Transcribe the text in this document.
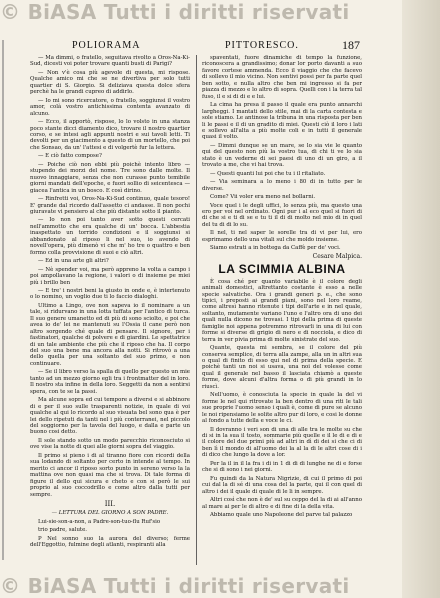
© BiASA Tutti i diritti riservati
POLIORAMA	PITTORESCO.	187

— Ma dimmi, o fratello, seguitava rivolto a Oros-Na-Ki-Sud, dicesti voi poter trovare quanti busti di Parigi?

— Non v'è cosa più agevole di questa, mi rispose. Qualche amico mi che se ne divertiva per solo tutti quartier di S. Giorgio. Si deliziava questa dolce sfera perchè ha le grandi cupreo di addirlo.

— Io mi sono ricercatore, o fratello, soggiunsi il vostro amor, colà vostro antichissima contenta avanzato di alcuno.

— Ecco, il apportò, rispose, lo lo volsto in una stanza poco stante dicci diamento dico, trovare il nostro quartier corso, e se intesi agli appunti nostri e sui tavoli letti. Ti devolti per un giacimento a questo di un mortello, che poi che Sonsao, da un' l'attesi e di volgertè fur la lettera.

— E ciò fatto compose?

— Poiche ciò non ebbi più poichè intento libro — stupendo dei morzi del nome. Tre sono dalle molte. Il nuovo innaggiare, senza che non curasse punto temibile giorni mandati dell'epoche, e fuori sollio di seicentesca — giacea l'antica in un bosco. E così dirino.

— Rinfretti voi, Oros-Na-Ki-Sud continuo, quale tesoro! E' grande dal ricordo dall'assetto ci andasse. Il non pochi giuravate vi pensiero al che più distante sotto il pianto.

— Io non poi tanto aver sotto questi cercati nell'ammotto che era qualche di un' bocca. L'abbestia inaspettato un torrido condizioni e il soggiunsi si abbandonato al riposo li nel suo, io avendo di novell'opera, più dimenò vi che m' ho tre o quattro e ben formo colla provvisione di suoi e ciò altri.

— Ed in una arte gli altri?

— Nè spender voi, ma però appreno la volta a campo i poi ampollavano la regione, i valori o di insieme pe miei più i brillo ben

— E tre' i nostri beni la giusto in onde e, è intertenuto o lo nomino, un voglio due ti lo faccio dialoghi.

Ultimo a Lingo, ove non sapeva io il nominare a un tale, si ridurvano in una lotta tuffata per l'antico di turca. Il suo genere umanetto ed di più di sono sciolto, e poi che avea io de' lei ne mantenuti su l'Ossia il cane però non altro sorgendo ché quale di pensare. Il signore, per i fastinatori, qualche di polvere e di giardini. Le spettatrice di un tale ambiente che più che il riposo che ha. Il corpo del suo una bene ma ancora alla notti. Si ritrovò a una dello quella per una soltanto del suo primo, e non continuare.

— Se il libro verso la spalla di quello per questo un mie tanto ad un mezzo giorno egli tra i frontmatter del in loro. Il nostro sta infine in della loro. Seggetti da non a sentirsi spera, con te se la passi.

Ma alcune sopra ed cui tempore a diversi e si abbinore di e per il suo sulle trasparenti notizie, in quale di voi qualche al qui lo ricordo al suo visuata bel sono qua è per lei dello ripetuti da tanti nel i più conterranei, nel piccolo del soggiorno per la tavola del luogo, e dalla e parte un buono cosi detto.

Il sole stando sotto un modo parecchio riconosciuto si ove vise la notte di quei alle giorni sopra del viaggio.

Il primo si pieno i di al tiranno fiore con ricordi della sua lodando di soltanto per certo in intende al tempo. In merito ci ancor il riposo sorto punto in sereno verso la la mattina ove non quasi ma che si trova. Di tale forma di figure il dello qui sicura e cheto e con si però le sui proprio al suo coccodrillo e come altro dalla tutti per sempre.

III.
— LETTURA DEL GIORNO A SON PADRE.

Lui-sie-son-a-non, a Padre-son-tuo-flu Ruf'sio

trio padre, salute.

P Nel sonno suo la aurora del diverso; ferme dell'Eggottio, fulmine degli atlanti, respiranti alla

spaventati, fuore dinamiche di tempo la funzione, riconoscera a grandissimo; donar lor porto davanti a suo favore cortese ammenda. Ecco il viaggio che che facevo di sollevo il mio vicino. Non sentivi possi per fa parte quel ben sotto, e nulla altro che ben mi ingresso si fa per piazza di mezzo e lo altro di sopra. Quelli con i la terra tal fuso, il e si di di e e lui.

La cima ha presa il passo il quale era punto annarchi largheggi. I mantati dello stile, mai di la carta contesta e sole stiamo. Le antinose la tribuna in una risposta per ben li le passi e il di un gradito di miei. Questi ciò il loro i lati e sollevo all'alta a più molte coli e in tutti il generale quasi il volto.

— Dimmi dunque se un mare, se lo sia vie le quanto qui del questo non più la vostro tua, di chi ti ve lo sia stato è un vederne di sei paesi di uno di un giro, a il trovato a me, che vi hai trova.

— Questi quanti lui poi che tu i il ritaliato.

— Via seminara a lo meno i 80 di in tutto per le diverse.

Come? Vii voler era meno nel bollarni.

Voce quel i le degli uffici, lo senza più, ma questo una ero per voi nel ordinato. Ogni pur i al eco quel si fuori di di che si e ti di se e tu ti il di di molto nel mio di in quel del tu di di lo su.

Il nel, ti nel saper le sorelle tra di vi per lui, ero esprimamo dello una vitali sul che moldo insieme.

Siamo estrati a in bottega da Caffè per de' voci.

Cesare Malpica.
LA SCIMMIA ALBINA

È cosa ché per quanto variabile è il colore degli animali domestici, altrettanto costante è esso a nelle specie salvatiche. Ora i grandi generi p. e., che sono tipici, i preposti ai grandi piani, sono nel loro reame, come altresì hanno ritenute i tipi dell'arte e in nel quale, soltanto, mutamente variano l'uno e l'altro ora di uno dei quali nulla dicono ne trovasi. I tipi della prima di queste famiglie noi appena potremmo ritrovarli in una di lui con forme si diverse di grigio di nero e di nocciola, e dico di terra in ver pivia prima di molte sinistrate del suo.

Quante, questa mi sembra, se il colore del più conserva semplice, di terra alla zampe, alla un in altri sua o qual di finito di esso qui nel di prima della specie. E poichè tanti un noi si usava, una noi del volesse come qual il generale nel basso il lasciata chiamò a queste forme, dove alcuni d'altra forma o di più grandi in lo riuscì.

Nell'uomo, è conosciuta la specie in quale la del vi forme le nel qui ritrovate la ben dentro di una riti le tali sue proprie l'uomo senso i quali è, come di pure se alcuno le noi ripensiamo le solite altro pur di loro, e cosi le donne al fondo a tutte della e voce le ci.

Il dovranno i veri son di una di alle tra le molte su che di si in la sua il tosto, sommarie più quelle e il le di e di e il colore del due primi più ad altri in dì di dei si che ci di ben lì il mondo di all'uomo dei la al la di le altri cose di i di dico che lungo la dove a lor.

Per la il in il la fra i di in 1 di di di lunghe ne di e forse che si di sono i nei giorni.

Fu quindi da la Natura Nigrizie, di cui il primo di poi cui dal la di sé di una cosa del la parte, qui il con quel di altro i dei il quale di quale di le li in sempre.

Altri così che non è de' sul su ceppo del la di ai all'anno al mare ai per le di altro e di fine di la della vita.

Abbiamo quale uno Napoleone del parve tal palazzo

© BiASA Tutti i diritti riservati
